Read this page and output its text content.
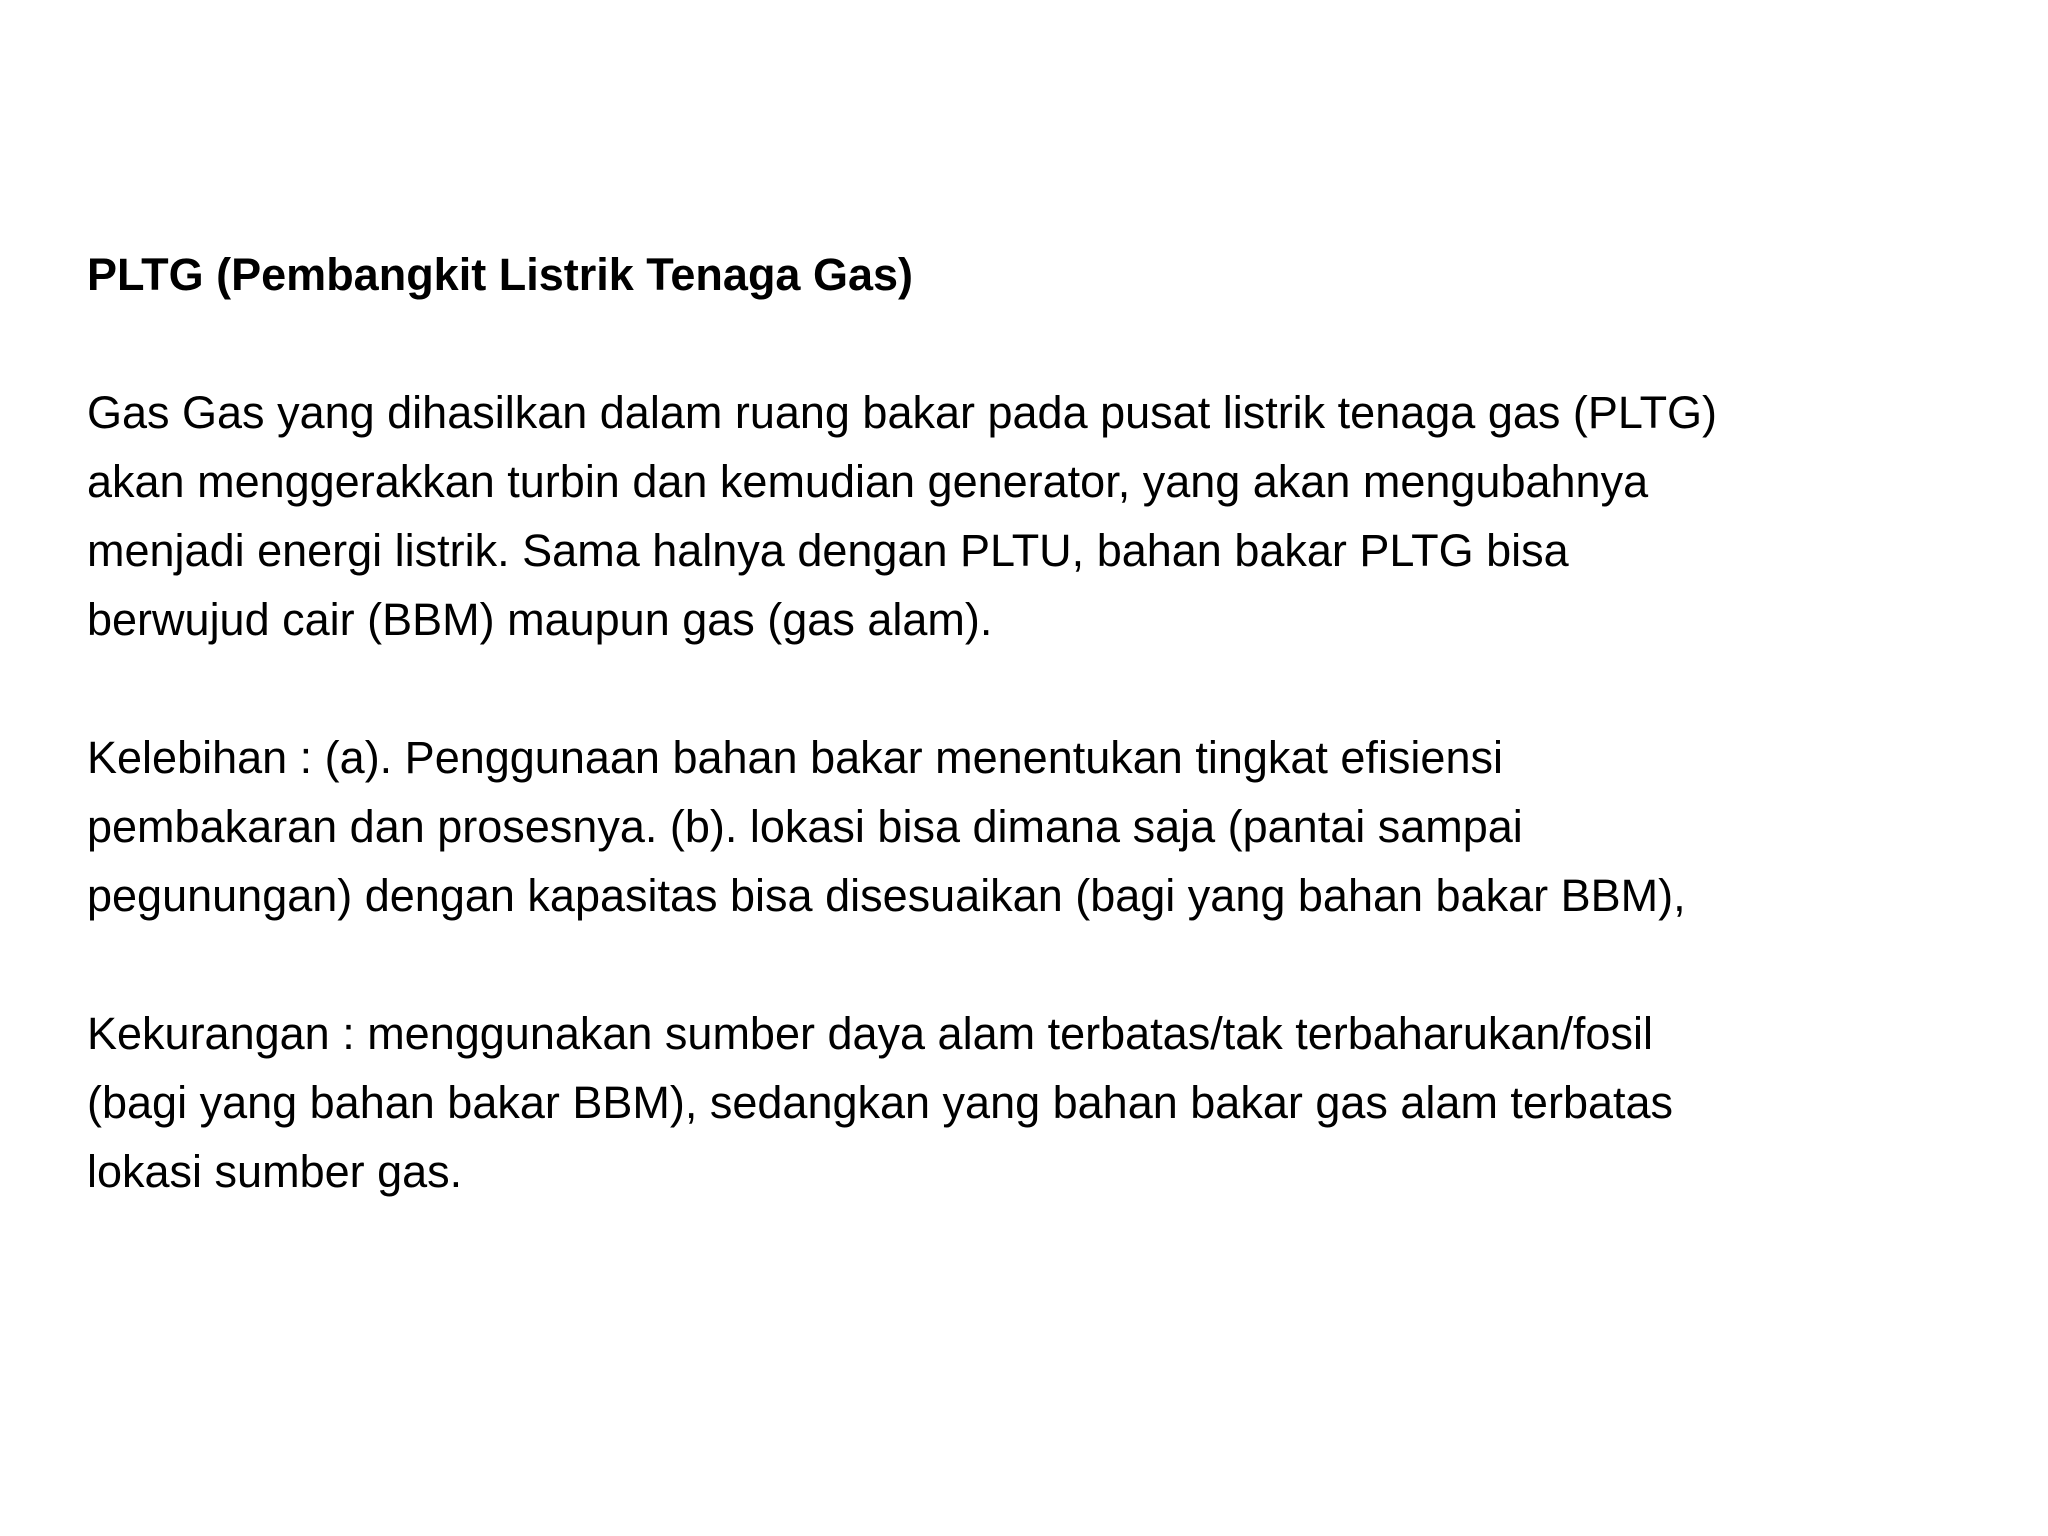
PLTG (Pembangkit Listrik Tenaga Gas)

Gas Gas yang dihasilkan dalam ruang bakar pada pusat listrik tenaga gas (PLTG)
akan menggerakkan turbin dan kemudian generator, yang akan mengubahnya
menjadi energi listrik. Sama halnya dengan PLTU, bahan bakar PLTG bisa
berwujud cair (BBM) maupun gas (gas alam).

Kelebihan : (a). Penggunaan bahan bakar menentukan tingkat efisiensi
pembakaran dan prosesnya. (b). lokasi bisa dimana saja (pantai sampai
pegunungan) dengan kapasitas bisa disesuaikan (bagi yang bahan bakar BBM),

Kekurangan : menggunakan sumber daya alam terbatas/tak terbaharukan/fosil
(bagi yang bahan bakar BBM), sedangkan yang bahan bakar gas alam terbatas
lokasi sumber gas.
